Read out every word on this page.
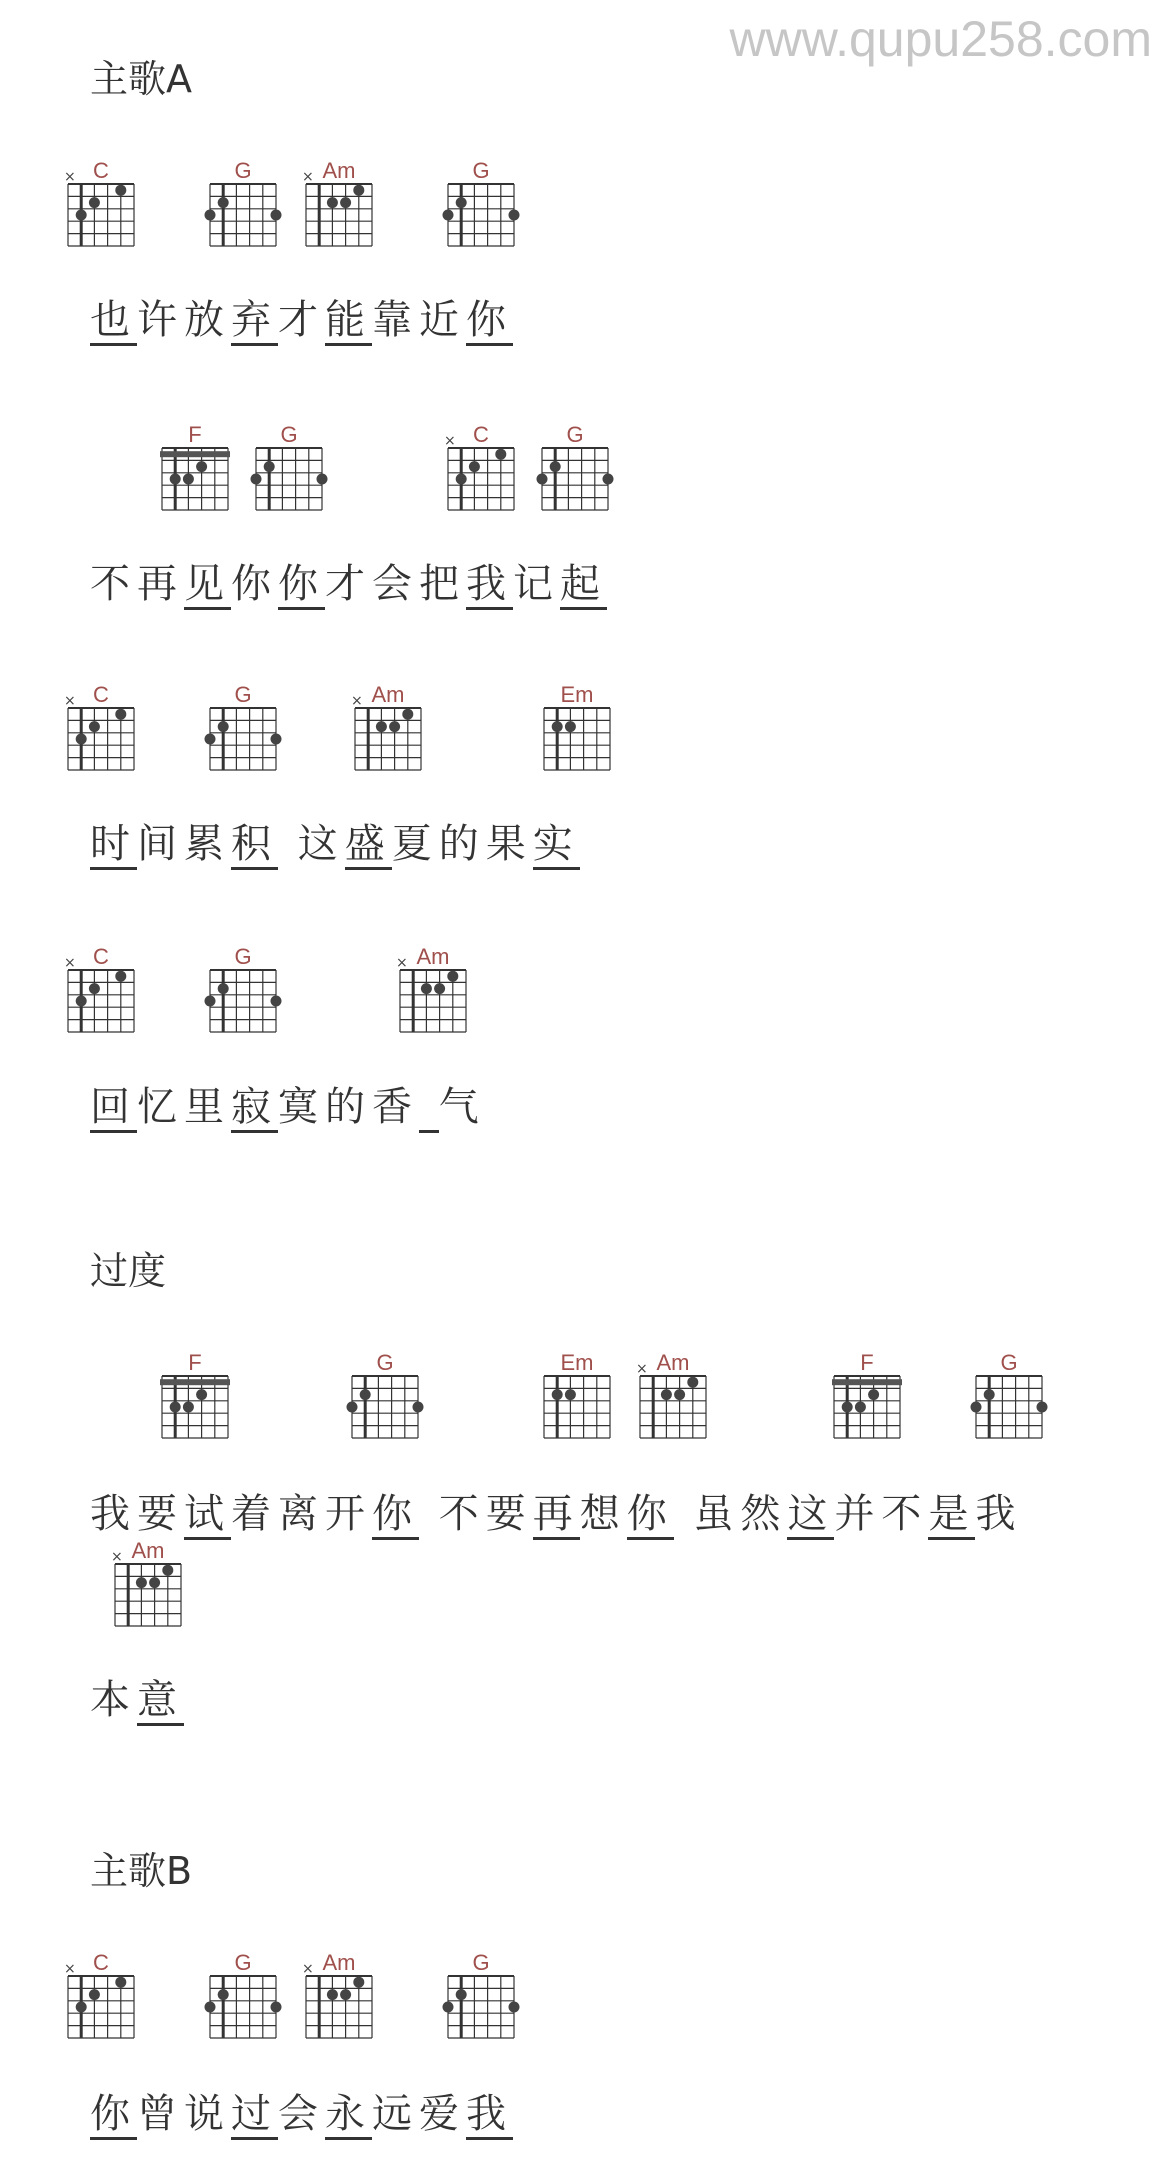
www.qupu258.com
主歌A
过度
主歌B
也许放弃才能靠近你
不再见你你才会把我记起
时间累积 这盛夏的果实
回忆里寂寞的香 气
我要试着离开你 不要再想你 虽然这并不是我
本意
你曾说过会永远爱我
C
×	G	Am
×	G
F	G	C
×	G
C
×	G	Am
×	Em
C
×	G	Am
×
F	G	Em	Am
×	F	G
Am
×
C
×	G	Am
×	G
